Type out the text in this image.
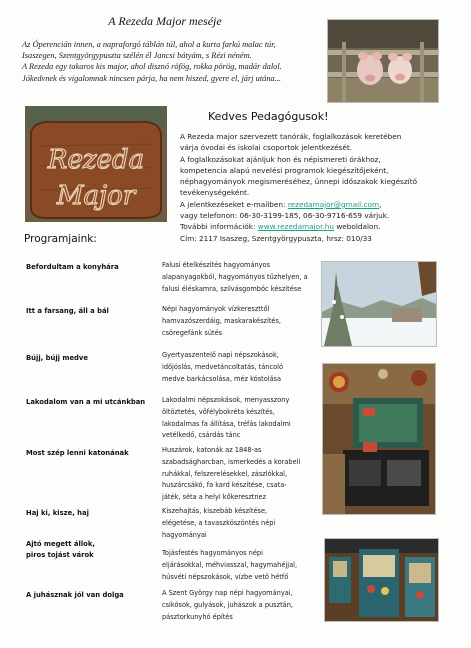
A Rezeda Major meséje
Az Óperencián innen, a napraforgó táblán túl, ahol a kurta farkú malac túr,
Isaszegen, Szentgyörgypuszta szélén él Jancsi bátyám, s Rézi néném.
A Rezeda egy takaros kis major, ahol disznó röfög, rokka pörög, madár dalol.
Jókedvnek és vigalomnak nincsen párja, ha nem hiszed, gyere el, járj utána...
Rezeda
Major
Kedves Pedagógusok!
A Rezeda major szervezett tanórák, foglalkozások keretében
várja óvodai és iskolai csoportok jelentkezését.
A foglalkozásokat ajánljuk hon és népismereti órákhoz,
kompetencia alapú nevelési programok kiegészítőjeként,
néphagyományok megismeréséhez, ünnepi időszakok kiegészítő
tevékenységeként.
A jelentkezéseket e-mailben: rezedamajor@gmail.com,
vagy telefonon: 06-30-3199-185, 06-30-9716-659 várjuk.
További információk: www.rezedamajor.hu weboldalon.
Cím: 2117 Isaszeg, Szentgyörgypuszta, hrsz: 010/33
Programjaink:
Befordultam a konyhára	Falusi ételkészítés hagyományos
alapanyagokból, hagyományos tűzhelyen, a
falusi éléskamra, szilvásgombóc készítése
Itt a farsang, áll a bál	Népi hagyományok vízkereszttől
hamvazószerdáig, maskarakészítés,
csöregefánk sütés
Bújj, bújj medve	Gyertyaszentelő napi népszokások,
időjóslás, medvetáncoltatás, táncoló
medve barkácsolása, méz kóstolása
Lakodalom van a mi utcánkban	Lakodalmi népszokások, menyasszony
öltöztetés, vőfélybokréta készítés,
lakodalmas fa állítása, tréfás lakodalmi
vetélkedő, csárdás tánc
Most szép lenni katonának	Huszárok, katonák az 1848-as
szabadságharcban, ismerkedés a korabeli
ruhákkal, felszerelésekkel, zászlókkal,
huszárcsákó, fa kard készítése, csata-
játék, séta a helyi kőkeresztnez
Haj ki, kisze, haj	Kiszehajtás, kiszebáb készítése,
elégetése, a tavaszköszöntés népi
hagyományai
Ajtó megett állok,
piros tojást várok	Tojásfestés hagyományos népi
eljárásokkal, méhviasszal, hagymahéjjal,
húsvéti népszokások, vízbe vető hétfő
A juhásznak jól van dolga	A Szent György nap népi hagyományai,
csikósok, gulyások, juhászok a pusztán,
pásztorkunyhó építés
